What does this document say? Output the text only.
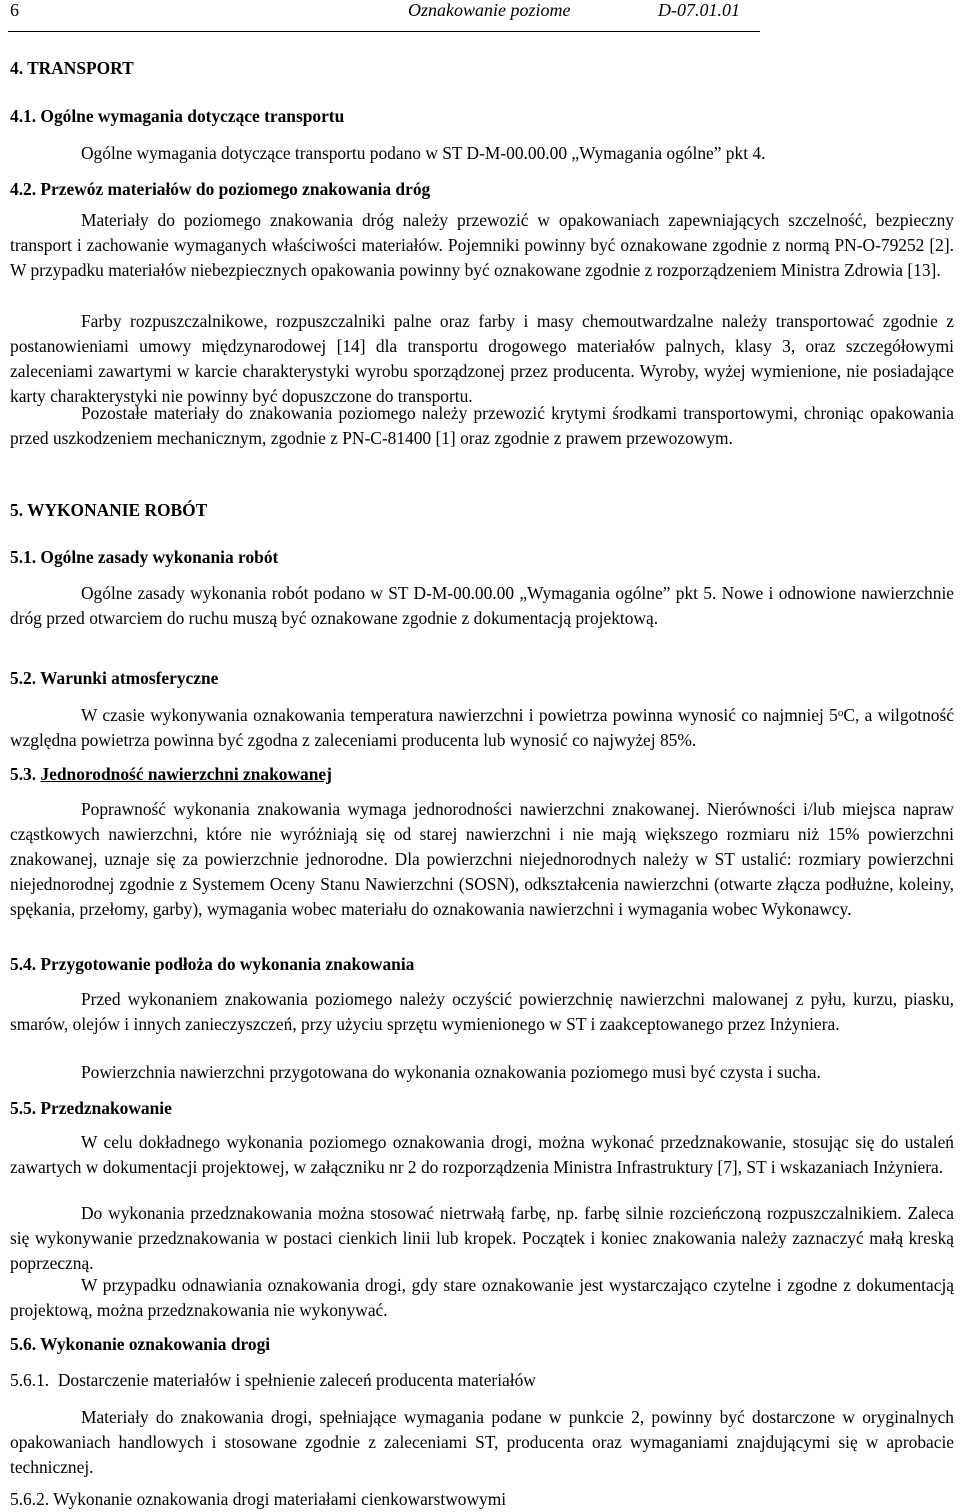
6	Oznakowanie poziome	D-07.01.01

4. TRANSPORT

4.1. Ogólne wymagania dotyczące transportu

Ogólne wymagania dotyczące transportu podano w ST D-M-00.00.00 „Wymagania ogólne” pkt 4.

4.2. Przewóz materiałów do poziomego znakowania dróg

Materiały do poziomego znakowania dróg należy przewozić w opakowaniach zapewniających szczelność, bezpieczny transport i zachowanie wymaganych właściwości materiałów. Pojemniki powinny być oznakowane zgodnie z normą PN-O-79252 [2]. W przypadku materiałów niebezpiecznych opakowania powinny być oznakowane zgodnie z rozporządzeniem Ministra Zdrowia [13].

Farby rozpuszczalnikowe, rozpuszczalniki palne oraz farby i masy chemoutwardzalne należy transportować zgodnie z postanowieniami umowy międzynarodowej [14] dla transportu drogowego materiałów palnych, klasy 3, oraz szczegółowymi zaleceniami zawartymi w karcie charakterystyki wyrobu sporządzonej przez producenta. Wyroby, wyżej wymienione, nie posiadające karty charakterystyki nie powinny być dopuszczone do transportu.

Pozostałe materiały do znakowania poziomego należy przewozić krytymi środkami transportowymi, chroniąc opakowania przed uszkodzeniem mechanicznym, zgodnie z PN-C-81400 [1] oraz zgodnie z prawem przewozowym.

5. WYKONANIE ROBÓT

5.1. Ogólne zasady wykonania robót

Ogólne zasady wykonania robót podano w ST D-M-00.00.00 „Wymagania ogólne” pkt 5. Nowe i odnowione nawierzchnie dróg przed otwarciem do ruchu muszą być oznakowane zgodnie z dokumentacją projektową.

5.2. Warunki atmosferyczne

W czasie wykonywania oznakowania temperatura nawierzchni i powietrza powinna wynosić co najmniej 5$^o$C, a wilgotność względna powietrza powinna być zgodna z zaleceniami producenta lub wynosić co najwyżej 85%.

5.3. Jednorodność nawierzchni znakowanej

Poprawność wykonania znakowania wymaga jednorodności nawierzchni znakowanej. Nierówności i/lub miejsca napraw cząstkowych nawierzchni, które nie wyróżniają się od starej nawierzchni i nie mają większego rozmiaru niż 15% powierzchni znakowanej, uznaje się za powierzchnie jednorodne. Dla powierzchni niejednorodnych należy w ST ustalić: rozmiary powierzchni niejednorodnej zgodnie z Systemem Oceny Stanu Nawierzchni (SOSN), odkształcenia nawierzchni (otwarte złącza podłużne, koleiny, spękania, przełomy, garby), wymagania wobec materiału do oznakowania nawierzchni i wymagania wobec Wykonawcy.

5.4. Przygotowanie podłoża do wykonania znakowania

Przed wykonaniem znakowania poziomego należy oczyścić powierzchnię nawierzchni malowanej z pyłu, kurzu, piasku, smarów, olejów i innych zanieczyszczeń, przy użyciu sprzętu wymienionego w ST i zaakceptowanego przez Inżyniera.

Powierzchnia nawierzchni przygotowana do wykonania oznakowania poziomego musi być czysta i sucha.

5.5. Przedznakowanie

W celu dokładnego wykonania poziomego oznakowania drogi, można wykonać przedznakowanie, stosując się do ustaleń zawartych w dokumentacji projektowej, w załączniku nr 2 do rozporządzenia Ministra Infrastruktury [7], ST i wskazaniach Inżyniera.

Do wykonania przedznakowania można stosować nietrwałą farbę, np. farbę silnie rozcieńczoną rozpuszczalnikiem. Zaleca się wykonywanie przedznakowania w postaci cienkich linii lub kropek. Początek i koniec znakowania należy zaznaczyć małą kreską poprzeczną.

W przypadku odnawiania oznakowania drogi, gdy stare oznakowanie jest wystarczająco czytelne i zgodne z dokumentacją projektową, można przedznakowania nie wykonywać.

5.6. Wykonanie oznakowania drogi

5.6.1.  Dostarczenie materiałów i spełnienie zaleceń producenta materiałów

Materiały do znakowania drogi, spełniające wymagania podane w punkcie 2, powinny być dostarczone w oryginalnych opakowaniach handlowych i stosowane zgodnie z zaleceniami ST, producenta oraz wymaganiami znajdującymi się w aprobacie technicznej.

5.6.2. Wykonanie oznakowania drogi materiałami cienkowarstwowymi
